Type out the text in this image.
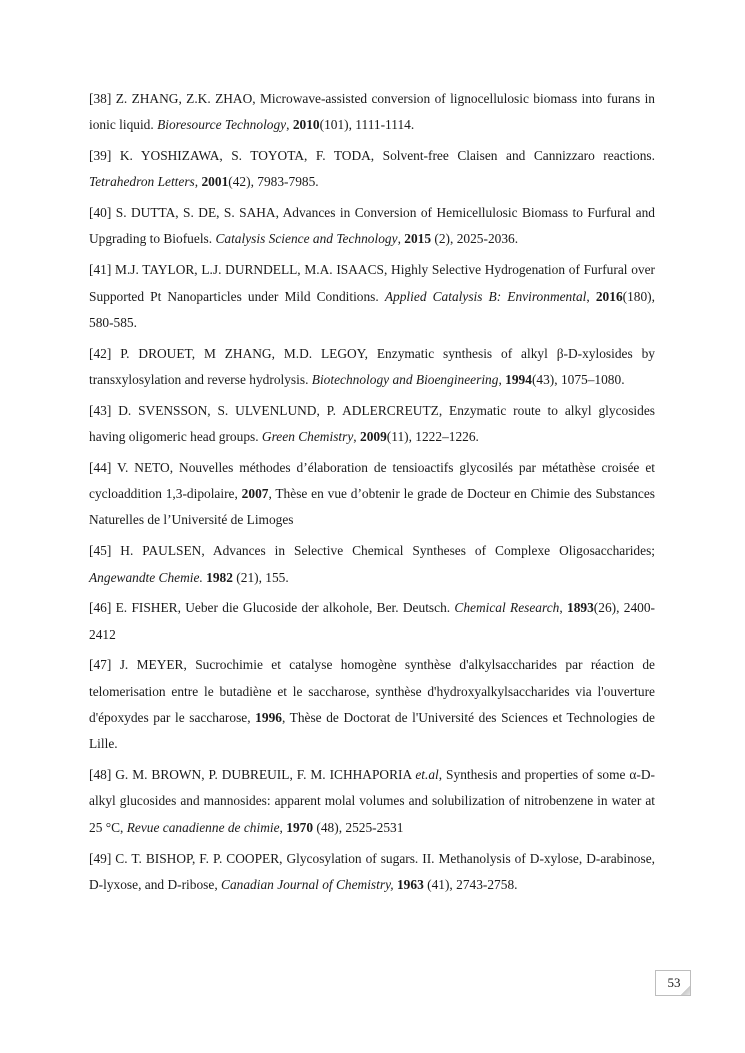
[38] Z. ZHANG, Z.K. ZHAO, Microwave-assisted conversion of lignocellulosic biomass into furans in ionic liquid. Bioresource Technology, 2010(101), 1111-1114.

[39] K. YOSHIZAWA, S. TOYOTA, F. TODA, Solvent-free Claisen and Cannizzaro reactions. Tetrahedron Letters, 2001(42), 7983-7985.

[40] S. DUTTA, S. DE, S. SAHA, Advances in Conversion of Hemicellulosic Biomass to Furfural and Upgrading to Biofuels. Catalysis Science and Technology, 2015 (2), 2025-2036.

[41] M.J. TAYLOR, L.J. DURNDELL, M.A. ISAACS, Highly Selective Hydrogenation of Furfural over Supported Pt Nanoparticles under Mild Conditions. Applied Catalysis B: Environmental, 2016(180), 580-585.

[42] P. DROUET, M ZHANG, M.D. LEGOY, Enzymatic synthesis of alkyl β-D-xylosides by transxylosylation and reverse hydrolysis. Biotechnology and Bioengineering, 1994(43), 1075–1080.

[43] D. SVENSSON, S. ULVENLUND, P. ADLERCREUTZ, Enzymatic route to alkyl glycosides having oligomeric head groups. Green Chemistry, 2009(11), 1222–1226.

[44] V. NETO, Nouvelles méthodes d’élaboration de tensioactifs glycosilés par métathèse croisée et cycloaddition 1,3-dipolaire, 2007, Thèse en vue d’obtenir le grade de Docteur en Chimie des Substances Naturelles de l’Université de Limoges

[45] H. PAULSEN, Advances in Selective Chemical Syntheses of Complexe Oligosaccharides; Angewandte Chemie. 1982 (21), 155.

[46] E. FISHER, Ueber die Glucoside der alkohole, Ber. Deutsch. Chemical Research, 1893(26), 2400-2412

[47] J. MEYER, Sucrochimie et catalyse homogène synthèse d'alkylsaccharides par réaction de telomerisation entre le butadiène et le saccharose, synthèse d'hydroxyalkylsaccharides via l'ouverture d'époxydes par le saccharose, 1996, Thèse de Doctorat de l'Université des Sciences et Technologies de Lille.

[48] G. M. BROWN, P. DUBREUIL, F. M. ICHHAPORIA et.al, Synthesis and properties of some α-D-alkyl glucosides and mannosides: apparent molal volumes and solubilization of nitrobenzene in water at 25 °C, Revue canadienne de chimie, 1970 (48), 2525-2531

[49] C. T. BISHOP, F. P. COOPER, Glycosylation of sugars. II. Methanolysis of D-xylose, D-arabinose, D-lyxose, and D-ribose, Canadian Journal of Chemistry, 1963 (41), 2743-2758.

53
